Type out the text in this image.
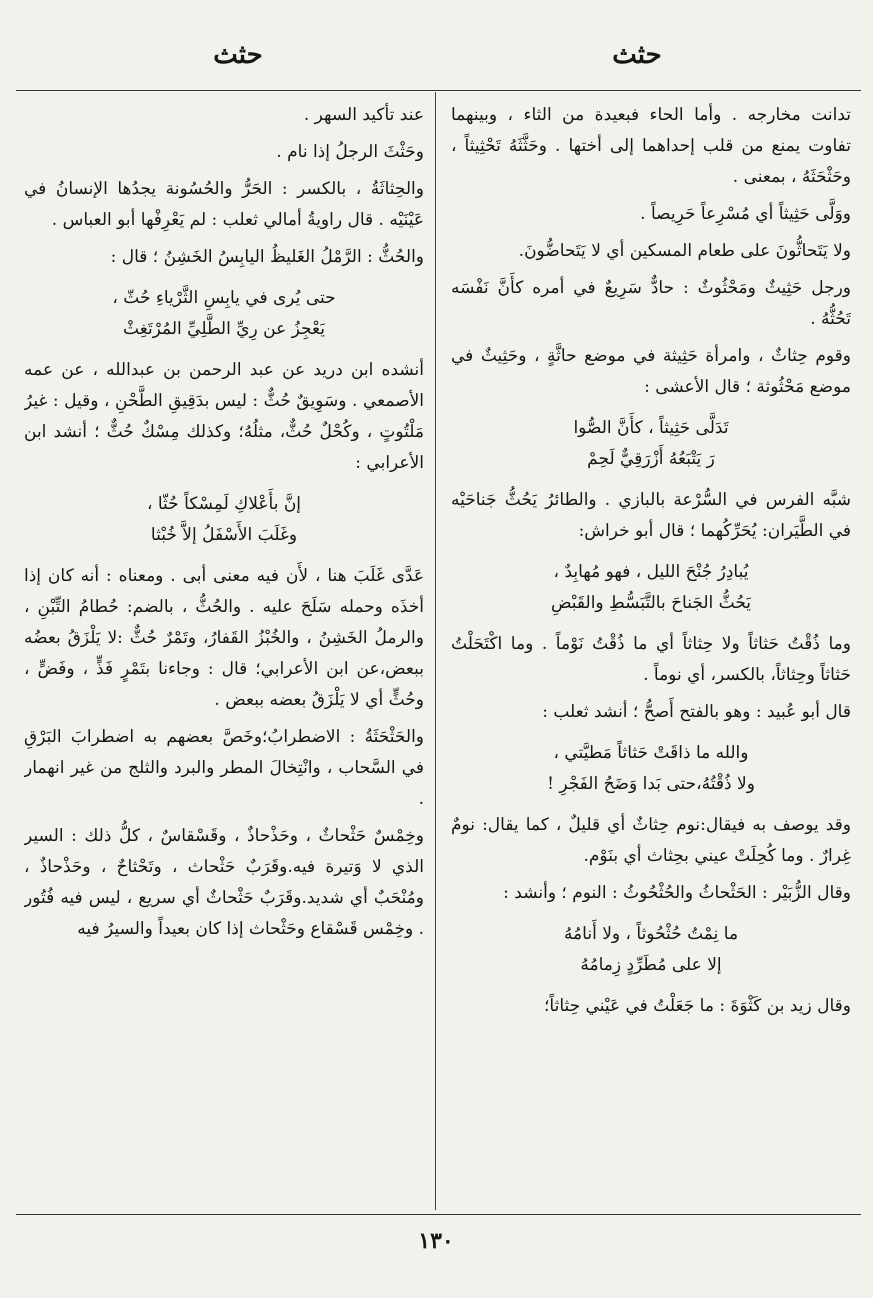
حثث
حثث

تدانت مخارجه . وأما الحاء فبعيدة من الثاء ، وبينهما تفاوت يمنع من قلب إحداهما إلى أختها . وحَثَّثَهُ تَحْثِيثاً ، وحَثْحَثَهُ ، بمعنى .

ووَلَّى حَثِيثاً أي مُسْرِعاً حَرِيصاً .

ولا يَتَحاثُّونَ على طعام المسكين أي لا يَتَحاضُّونَ.

ورجل حَثِيثٌ ومَحْثُوثٌ : حادٌّ سَرِيعٌ في أمره كأَنَّ نَفْسَه تَحُثُّهُ .

وقوم حِثاثٌ ، وامرأة حَثِيثة في موضع حاثَّةٍ ، وحَثِيثٌ في موضع مَحْثُوثة ؛ قال الأعشى :

تَدَلَّى حَثِيثاً ، كأَنَّ الصُّوا
رَ يَتْبَعُهُ أَزْرَقِيٌّ لَحِمْ

شبَّه الفرس في السُّرْعة بالبازي . والطائرُ يَحُثُّ جَناحَيْه في الطَّيَران: يُحَرِّكُهما ؛ قال أبو خراش:

يُبادِرُ جُنْحَ الليل ، فهو مُهابِدٌ ،
يَحُثُّ الجَناحَ بالتَّبَسُّطِ والقَبْضِ

وما ذُقْتُ حَثاثاً ولا حِثاثاً أي ما ذُقْتُ نَوْماً . وما اكْتَحَلْتُ حَثاثاً وحِثاثاً، بالكسر، أي نوماً .

قال أبو عُبيد : وهو بالفتح أَصحُّ ؛ أنشد ثعلب :

والله ما ذاقَتْ حَثاثاً مَطيَّتي ،
ولا ذُقْتُهُ،حتى بَدا وَضَحُ الفَجْرِ !

وقد يوصف به فيقال:نوم حِثاثٌ أي قليلٌ ، كما يقال: نومٌ غِرارٌ . وما كُحِلَتْ عيني بحِثاث أي بنَوْم.

وقال الزُّبَيْر : الحَثْحاثُ والحُثْحُوثُ : النوم ؛ وأنشد :

ما نِمْتُ حُثْحُوثاً ، ولا أَنامُهُ
إلا على مُطَرِّدٍ زِمامُهُ

وقال زيد بن كَثْوَةَ : ما جَعَلْتُ في عَيْني حِثاثاً؛

عند تأكيد السهر .

وحَثْثَ الرجلُ إذا نام .

والحِثاثَةُ ، بالكسر : الحَرُّ والحُسُونة يجدُها الإنسانُ في عَيْنَيْه . قال راويةُ أمالي ثعلب : لم يَعْرِفْها أبو العباس .

والحُثُّ : الرَّمْلُ الغَليظُ اليابِسُ الخَشِنُ ؛ قال :

حتى يُرى في يابِسِ الثَّرْياءِ حُثّ ،
يَعْجِزُ عن رِيِّ الطَّلِيِّ المُرْتَغِثْ

أنشده ابن دريد عن عبد الرحمن بن عبدالله ، عن عمه الأصمعي . وسَوِيقٌ حُثٌّ : ليس بدَقِيقِ الطَّحْنِ ، وقيل : غيرُ مَلْتُوتٍ ، وكُحْلٌ حُثٌّ، مثلُهُ؛ وكذلك مِسْكٌ حُثٌّ ؛ أنشد ابن الأعرابي :

إنَّ بأَعْلاكِ لَمِسْكاً حُثّا ،
وغَلَبَ الأَسْفَلُ إلاَّ خُبْثا

عَدَّى غَلَبَ هنا ، لأَن فيه معنى أبى . ومعناه : أنه كان إذا أخذَه وحمله سَلَحَ عليه . والحُثُّ ، بالضم: حُطامُ التِّبْنِ ، والرملُ الخَشِنُ ، والخُبْزُ القَفارُ، وتَمْرٌ حُثٌّ :لا يَلْزَقُ بعضُه ببعض،عن ابن الأعرابي؛ قال : وجاءنا بتَمْرٍ فَذٍّ ، وفَضٍّ ، وحُثٍّ أي لا يَلْزَقُ بعضه ببعض .

والحَثْحَثَةُ : الاضطرابُ؛وخَصَّ بعضهم به اضطرابَ البَرْقِ في السَّحاب ، وانْتِخالَ المطر والبرد والثلج من غير انهمار .

وخِمْسٌ حَثْحاثٌ ، وحَذْحاذٌ ، وقَسْقاسٌ ، كلُّ ذلك : السير الذي لا وَتيرة فيه.وقَرَبٌ حَثْحاث ، وتَحْثاحٌ ، وحَذْحاذٌ ، ومُنْحَبٌ أي شديد.وقَرَبٌ حَثْحاثٌ أي سريع ، ليس فيه فُتُور . وخِمْس قَسْقاع وحَثْحاث إذا كان بعيداً والسيرُ فيه

١٣٠
